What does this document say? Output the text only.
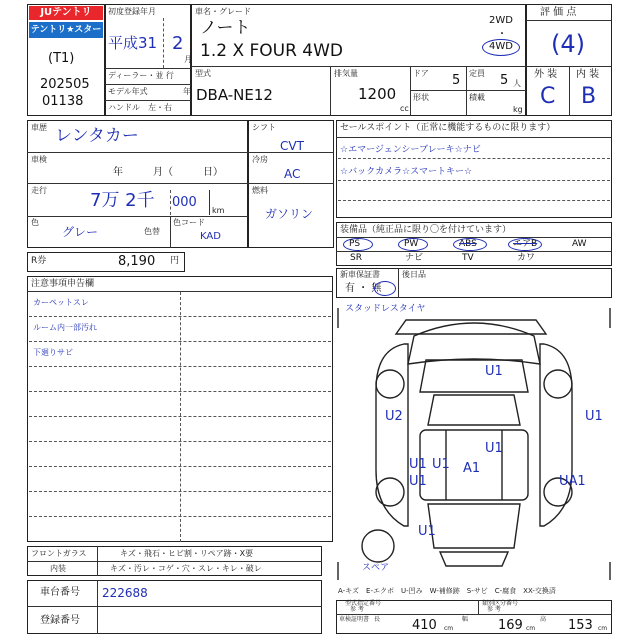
JUテントリ
テントリ★スター
(T1)
202505
01138
初度登録年月
平成31 2
月
ディーラー・並 行
モデル年式	年
ハンドル　左・右
車名・グレード
ノート
1.2 X FOUR 4WD
2WD
・
4WD
型式
DBA-NE12
排気量
1200
cc
ドア 5 定員 5 人
形状	積載
kg
評 価 点
(4)
外 装 内 装
C B
車歴 レンタカー
車検
年　　　月（　　　日）
走行 7万 2千 000
km
色
グレー	色替
色コード
KAD
シフト
CVT
冷房
AC
燃料
ガソリン
セールスポイント（正常に機能するものに限ります）
☆エマージェンシーブレーキ☆ナビ
☆バックカメラ☆スマートキー☆
装備品（純正品に限り〇を付けています）
PS	PW	ABS	エアB	AW
SR	ナビ	TV	カワ
R券	8,190 円
注意事項申告欄
カーペットスレ
ルーム内一部汚れ
下廻りサビ
新車保証書
有 ・ 無
後日品
スタッドレスタイヤ
U1
U2	U1
U1
U1 U1 A1
UA1
U1
U1
スペア
フロントガラス	キズ・飛石・ヒビ割・リペア跡・X要
内装	キズ・汚レ・コゲ・穴・スレ・キレ・破レ
車台番号 222688
登録番号
A-キズ　E-エクボ　U-凹み　W-補修跡　S-サビ　C-腐食　XX-交換済
型式指定番号
参 考
類別区分番号
参 考
車検証明書 長 410 cm
幅 169 cm
高 153 cm
